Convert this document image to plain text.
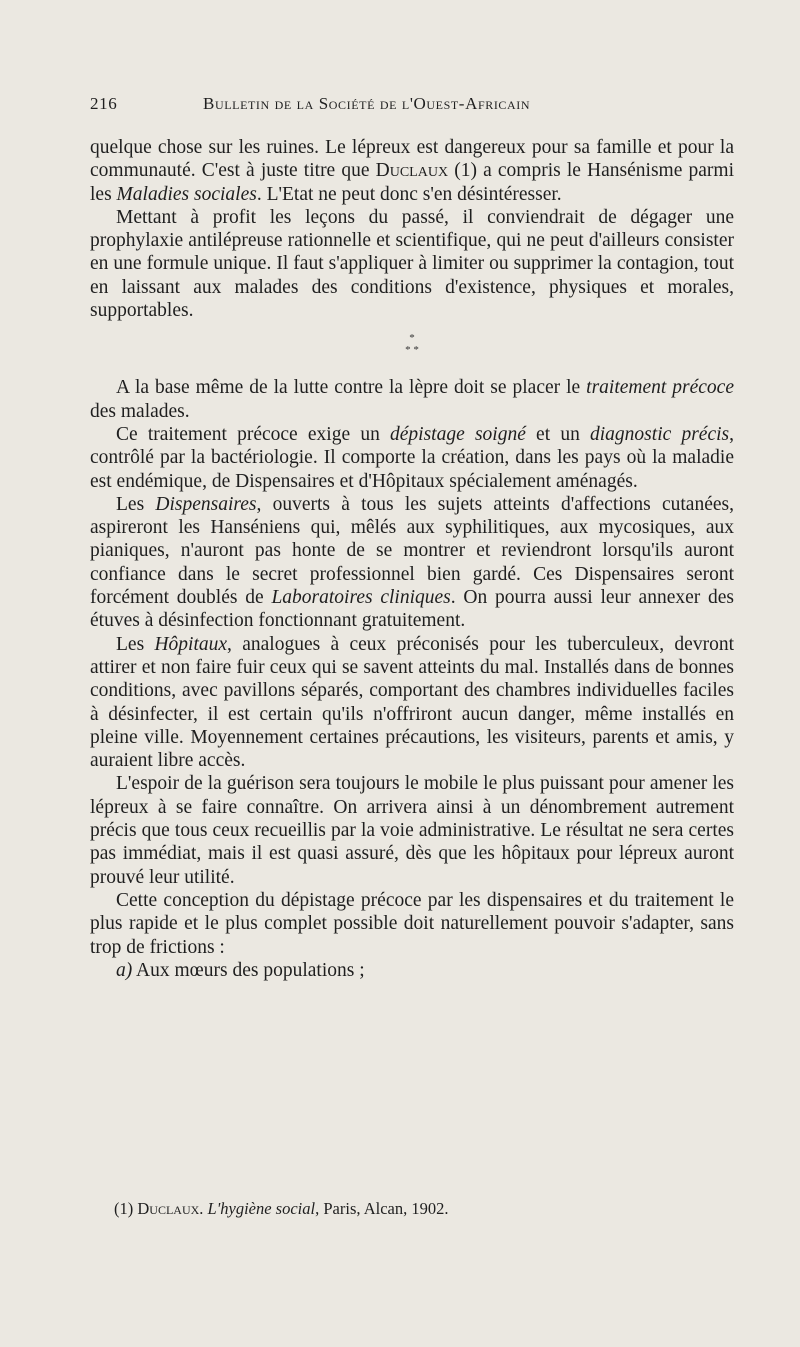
216	Bulletin de la Société de l'Ouest-Africain

quelque chose sur les ruines. Le lépreux est dangereux pour sa famille et pour la communauté. C'est à juste titre que Duclaux (1) a compris le Hansénisme parmi les Maladies sociales. L'Etat ne peut donc s'en désintéresser.

Mettant à profit les leçons du passé, il conviendrait de dégager une prophylaxie antilépreuse rationnelle et scientifique, qui ne peut d'ailleurs consister en une formule unique. Il faut s'appliquer à limiter ou supprimer la contagion, tout en laissant aux malades des conditions d'existence, physiques et morales, supportables.

*
* *

A la base même de la lutte contre la lèpre doit se placer le traitement précoce des malades.

Ce traitement précoce exige un dépistage soigné et un diagnostic précis, contrôlé par la bactériologie. Il comporte la création, dans les pays où la maladie est endémique, de Dispensaires et d'Hôpitaux spécialement aménagés.

Les Dispensaires, ouverts à tous les sujets atteints d'affections cutanées, aspireront les Hanséniens qui, mêlés aux syphilitiques, aux mycosiques, aux pianiques, n'auront pas honte de se montrer et reviendront lorsqu'ils auront confiance dans le secret professionnel bien gardé. Ces Dispensaires seront forcément doublés de Laboratoires cliniques. On pourra aussi leur annexer des étuves à désinfection fonctionnant gratuitement.

Les Hôpitaux, analogues à ceux préconisés pour les tuberculeux, devront attirer et non faire fuir ceux qui se savent atteints du mal. Installés dans de bonnes conditions, avec pavillons séparés, comportant des chambres individuelles faciles à désinfecter, il est certain qu'ils n'offriront aucun danger, même installés en pleine ville. Moyennement certaines précautions, les visiteurs, parents et amis, y auraient libre accès.

L'espoir de la guérison sera toujours le mobile le plus puissant pour amener les lépreux à se faire connaître. On arrivera ainsi à un dénombrement autrement précis que tous ceux recueillis par la voie administrative. Le résultat ne sera certes pas immédiat, mais il est quasi assuré, dès que les hôpitaux pour lépreux auront prouvé leur utilité.

Cette conception du dépistage précoce par les dispensaires et du traitement le plus rapide et le plus complet possible doit naturellement pouvoir s'adapter, sans trop de frictions :

a) Aux mœurs des populations ;

(1) Duclaux. L'hygiène social, Paris, Alcan, 1902.
